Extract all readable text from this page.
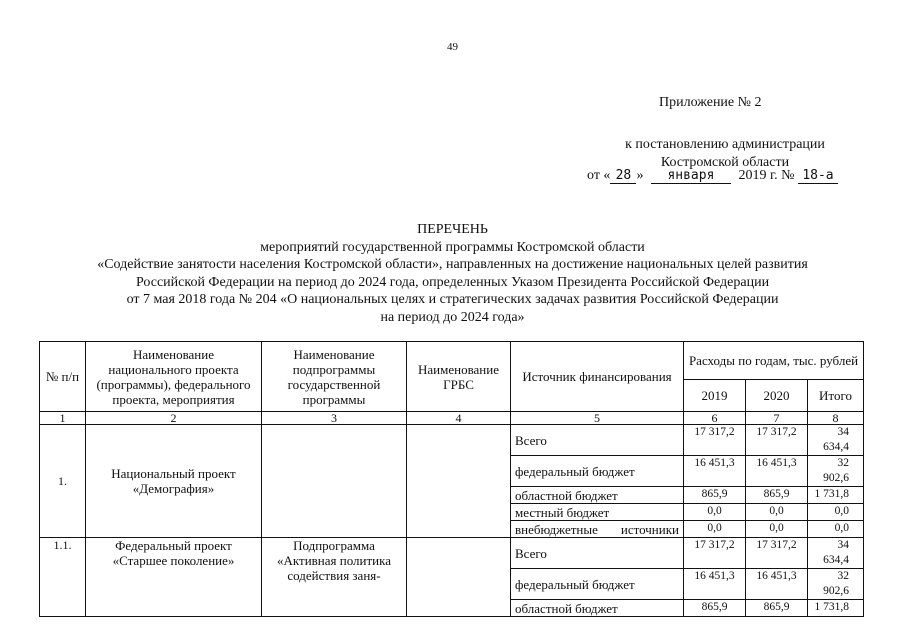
49
Приложение № 2
к постановлению администрации
Костромской области
от « 28 » января 2019 г. № 18-а
ПЕРЕЧЕНЬ
мероприятий государственной программы Костромской области
«Содействие занятости населения Костромской области», направленных на достижение национальных целей развития
Российской Федерации на период до 2024 года, определенных Указом Президента Российской Федерации
от 7 мая 2018 года № 204 «О национальных целях и стратегических задачах развития Российской Федерации
на период до 2024 года»
№ п/п	Наименование национального проекта (программы), федерального проекта, мероприятия	Наименование подпрограммы государственной программы	Наименование ГРБС	Источник финансирования	Расходы по годам, тыс. рублей		
					2019	2020	Итого
1	2	3	4	5	6	7	8
1.	Национальный проект «Демография»			Всего	17 317,2	17 317,2	34 634,4
				федеральный бюджет	16 451,3	16 451,3	32 902,6
				областной бюджет	865,9	865,9	1 731,8
				местный бюджет	0,0	0,0	0,0
				внебюджетные источники	0,0	0,0	0,0
1.1.	Федеральный проект «Старшее поколение»	Подпрограмма «Активная политика содействия заня-		Всего	17 317,2	17 317,2	34 634,4
				федеральный бюджет	16 451,3	16 451,3	32 902,6
				областной бюджет	865,9	865,9	1 731,8
